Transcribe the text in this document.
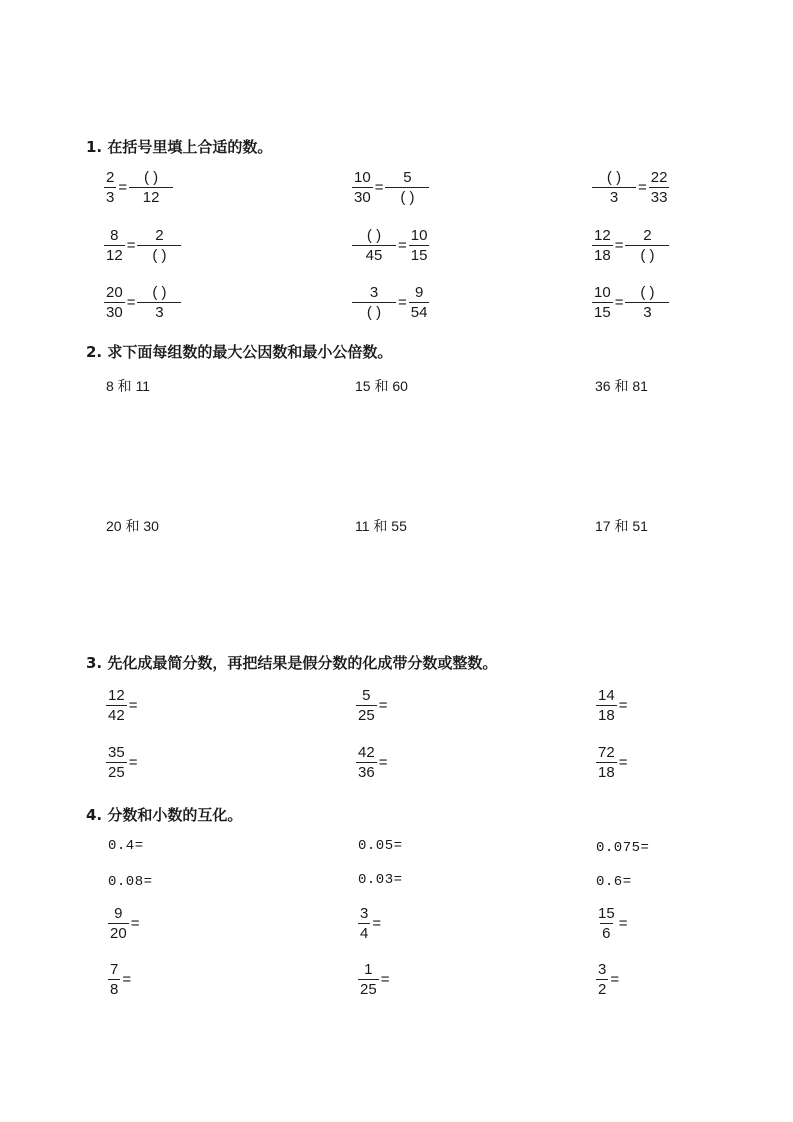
1. 在括号里填上合适的数。
2. 求下面每组数的最大公因数和最小公倍数。
3. 先化成最简分数，再把结果是假分数的化成带分数或整数。
4. 分数和小数的互化。
$\frac{2}{3} = \frac{( )}{12}$	$\frac{10}{30} = \frac{5}{( )}$	$\frac{( )}{3} = \frac{22}{33}$
$\frac{8}{12} = \frac{2}{( )}$	$\frac{( )}{45} = \frac{10}{15}$	$\frac{12}{18} = \frac{2}{( )}$
$\frac{20}{30} = \frac{( )}{3}$	$\frac{3}{( )} = \frac{9}{54}$	$\frac{10}{15} = \frac{( )}{3}$
8 和 11	15 和 60	36 和 81
20 和 30	11 和 55	17 和 51
$\frac{12}{42}$ =	$\frac{5}{25}$ =	$\frac{14}{18}$ =
$\frac{35}{25}$ =	$\frac{42}{36}$ =	$\frac{72}{18}$ =
0.4=	0.05=	0.075=
0.08=	0.03=	0.6=
$\frac{9}{20}$ =	$\frac{3}{4}$ =	$\frac{15}{6}$ =
$\frac{7}{8}$ =	$\frac{1}{25}$ =	$\frac{3}{2}$ =
